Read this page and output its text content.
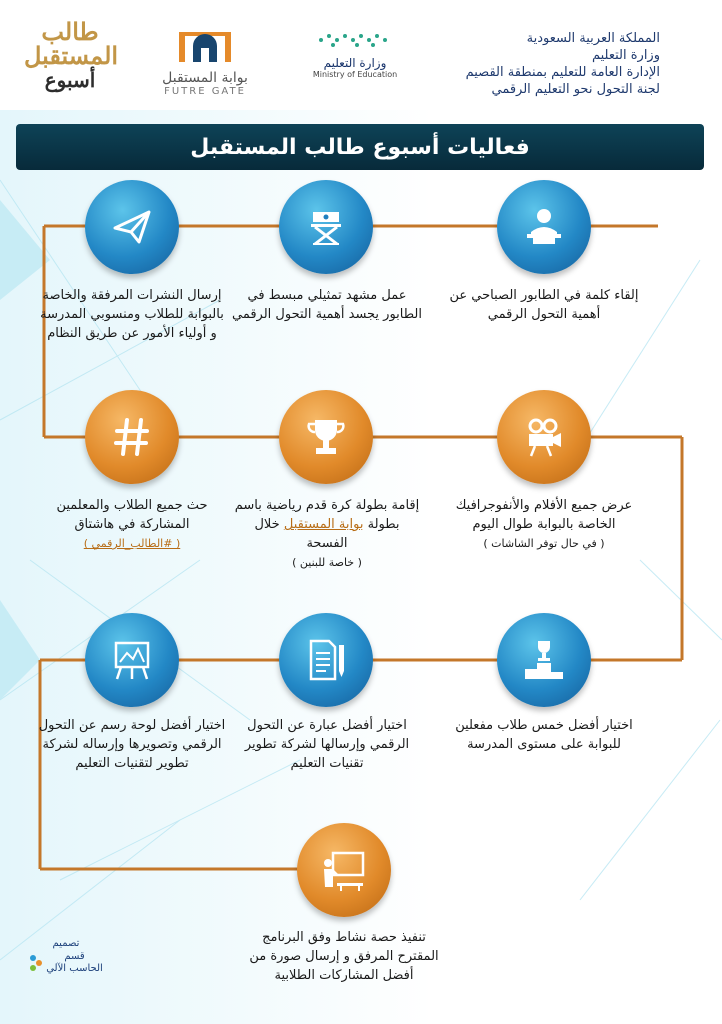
المملكة العربية السعودية
وزارة التعليم
الإدارة العامة للتعليم بمنطقة القصيم
لجنة التحول نحو التعليم الرقمي
وزارة التعليم
Ministry of Education
بوابة المستقبل
FUTRE GATE
طالب المستقبل
أسبوع
فعاليات أسبوع طالب المستقبل
إلقاء كلمة في الطابور الصباحي عن أهمية التحول الرقمي
عمل مشهد تمثيلي مبسط في الطابور يجسد أهمية التحول الرقمي
إرسال النشرات المرفقة والخاصة بالبوابة للطلاب ومنسوبي المدرسة و أولياء الأمور عن طريق النظام
عرض جميع الأفلام والأنفوجرافيك الخاصة بالبوابة طوال اليوم
( في حال توفر الشاشات )
إقامة بطولة كرة قدم رياضية باسم بطولة بوابة المستقبل خلال الفسحة
( خاصة للبنين )
حث جميع الطلاب والمعلمين المشاركة في هاشتاق
( #الطالب_الرقمي )
اختيار أفضل خمس طلاب مفعلين للبوابة على مستوى المدرسة
اختيار أفضل عبارة عن التحول الرقمي وإرسالها لشركة تطوير تقنيات التعليم
اختيار أفضل لوحة رسم عن التحول الرقمي وتصويرها وإرساله لشركة تطوير لتقنيات التعليم
تنفيذ حصة نشاط وفق البرنامج المقترح المرفق و إرسال صورة من أفضل المشاركات الطلابية
تصميم
قسم
الحاسب الآلي
